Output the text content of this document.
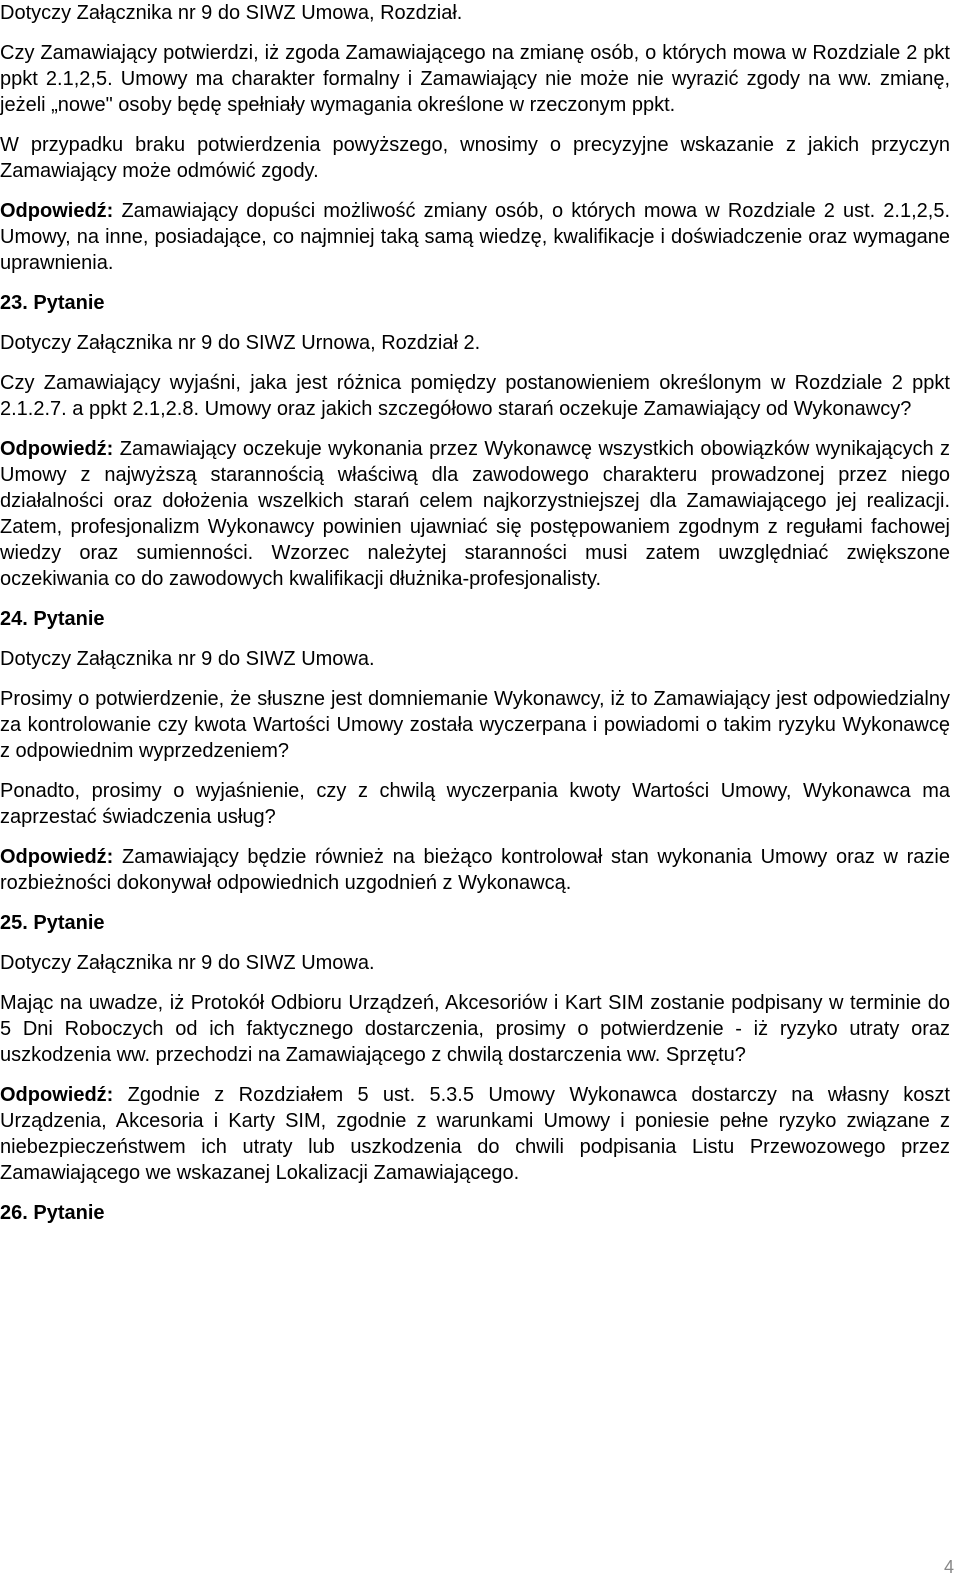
Dotyczy Załącznika nr 9 do SIWZ Umowa, Rozdział.

Czy Zamawiający potwierdzi, iż zgoda Zamawiającego na zmianę osób, o których mowa w Rozdziale 2 pkt ppkt 2.1,2,5. Umowy ma charakter formalny i Zamawiający nie może nie wyrazić zgody na ww. zmianę, jeżeli „nowe" osoby będę spełniały wymagania określone w rzeczonym ppkt.

W przypadku braku potwierdzenia powyższego, wnosimy o precyzyjne wskazanie z jakich przyczyn Zamawiający może odmówić zgody.

Odpowiedź: Zamawiający dopuści możliwość zmiany osób, o których mowa w Rozdziale 2 ust. 2.1,2,5. Umowy, na inne, posiadające, co najmniej taką samą wiedzę, kwalifikacje i doświadczenie oraz wymagane uprawnienia.

23. Pytanie

Dotyczy Załącznika nr 9 do SIWZ Urnowa, Rozdział 2.

Czy Zamawiający wyjaśni, jaka jest różnica pomiędzy postanowieniem określonym w Rozdziale 2 ppkt 2.1.2.7. a ppkt 2.1,2.8. Umowy oraz jakich szczegółowo starań oczekuje Zamawiający od Wykonawcy?

Odpowiedź: Zamawiający oczekuje wykonania przez Wykonawcę wszystkich obowiązków wynikających z Umowy z najwyższą starannością właściwą dla zawodowego charakteru prowadzonej przez niego działalności oraz dołożenia wszelkich starań celem najkorzystniejszej dla Zamawiającego jej realizacji. Zatem, profesjonalizm Wykonawcy powinien ujawniać się postępowaniem zgodnym z regułami fachowej wiedzy oraz sumienności. Wzorzec należytej staranności musi zatem uwzględniać zwiększone oczekiwania co do zawodowych kwalifikacji dłużnika-profesjonalisty.

24. Pytanie

Dotyczy Załącznika nr 9 do SIWZ Umowa.

Prosimy o potwierdzenie, że słuszne jest domniemanie Wykonawcy, iż to Zamawiający jest odpowiedzialny za kontrolowanie czy kwota Wartości Umowy została wyczerpana i powiadomi o takim ryzyku Wykonawcę z odpowiednim wyprzedzeniem?

Ponadto, prosimy o wyjaśnienie, czy z chwilą wyczerpania kwoty Wartości Umowy, Wykonawca ma zaprzestać świadczenia usług?

Odpowiedź: Zamawiający będzie również na bieżąco kontrolował stan wykonania Umowy oraz w razie rozbieżności dokonywał odpowiednich uzgodnień z Wykonawcą.

25. Pytanie

Dotyczy Załącznika nr 9 do SIWZ Umowa.

Mając na uwadze, iż Protokół Odbioru Urządzeń, Akcesoriów i Kart SIM zostanie podpisany w terminie do 5 Dni Roboczych od ich faktycznego dostarczenia, prosimy o potwierdzenie - iż ryzyko utraty oraz uszkodzenia ww. przechodzi na Zamawiającego z chwilą dostarczenia ww. Sprzętu?

Odpowiedź: Zgodnie z Rozdziałem 5 ust. 5.3.5 Umowy Wykonawca dostarczy na własny koszt Urządzenia, Akcesoria i Karty SIM, zgodnie z warunkami Umowy i poniesie pełne ryzyko związane z niebezpieczeństwem ich utraty lub uszkodzenia do chwili podpisania Listu Przewozowego przez Zamawiającego we wskazanej Lokalizacji Zamawiającego.

26. Pytanie

4
